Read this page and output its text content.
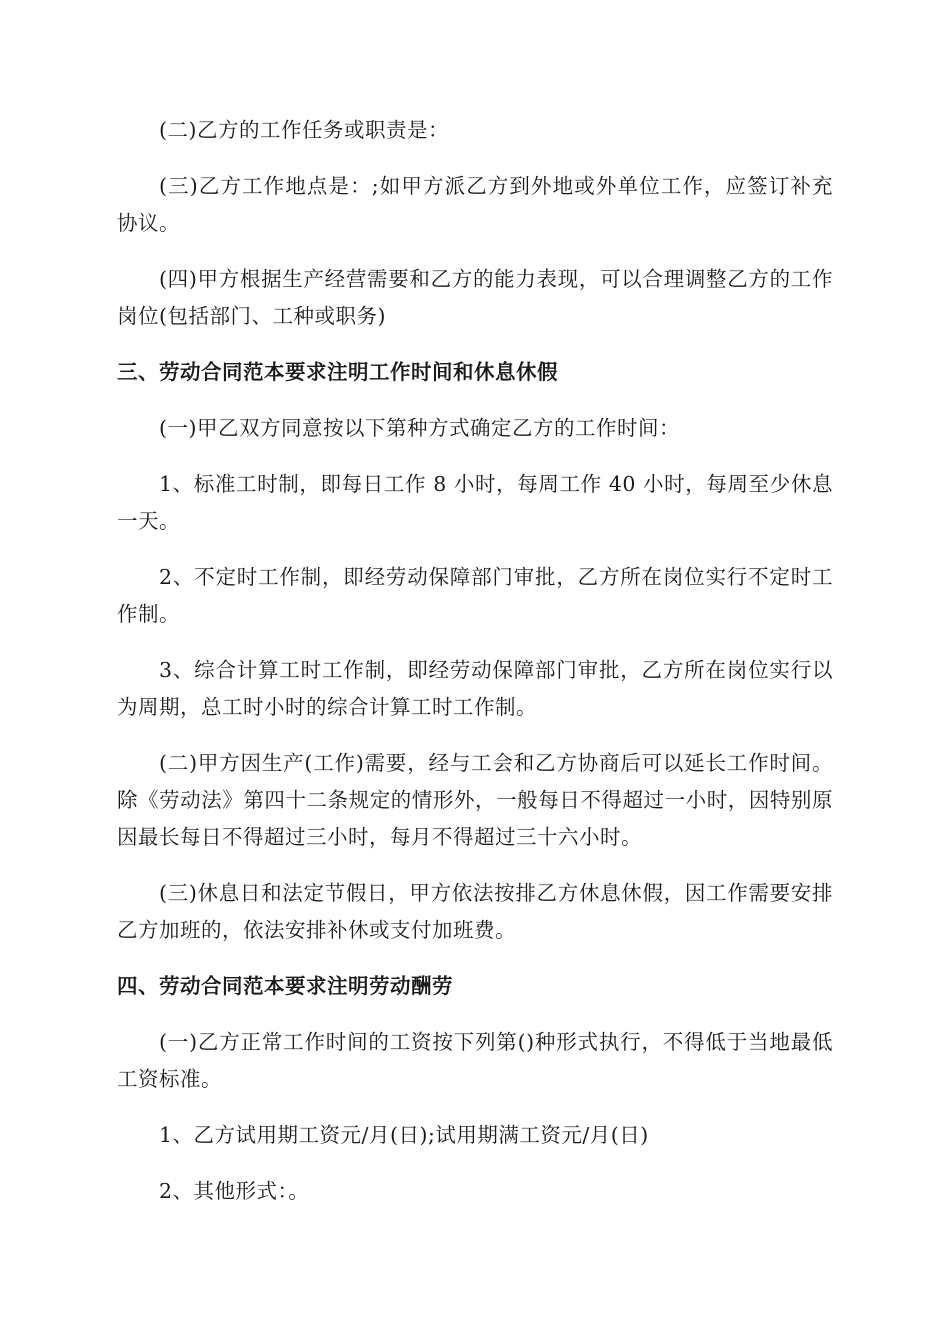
(二)乙方的工作任务或职责是：

(三)乙方工作地点是：;如甲方派乙方到外地或外单位工作，应签订补充协议。

(四)甲方根据生产经营需要和乙方的能力表现，可以合理调整乙方的工作岗位(包括部门、工种或职务)

三、劳动合同范本要求注明工作时间和休息休假

(一)甲乙双方同意按以下第种方式确定乙方的工作时间：

1、标准工时制，即每日工作 8 小时，每周工作 40 小时，每周至少休息一天。

2、不定时工作制，即经劳动保障部门审批，乙方所在岗位实行不定时工作制。

3、综合计算工时工作制，即经劳动保障部门审批，乙方所在岗位实行以为周期，总工时小时的综合计算工时工作制。

(二)甲方因生产(工作)需要，经与工会和乙方协商后可以延长工作时间。除《劳动法》第四十二条规定的情形外，一般每日不得超过一小时，因特别原因最长每日不得超过三小时，每月不得超过三十六小时。

(三)休息日和法定节假日，甲方依法按排乙方休息休假，因工作需要安排乙方加班的，依法安排补休或支付加班费。

四、劳动合同范本要求注明劳动酬劳

(一)乙方正常工作时间的工资按下列第()种形式执行，不得低于当地最低工资标准。

1、乙方试用期工资元/月(日);试用期满工资元/月(日)

2、其他形式：。
